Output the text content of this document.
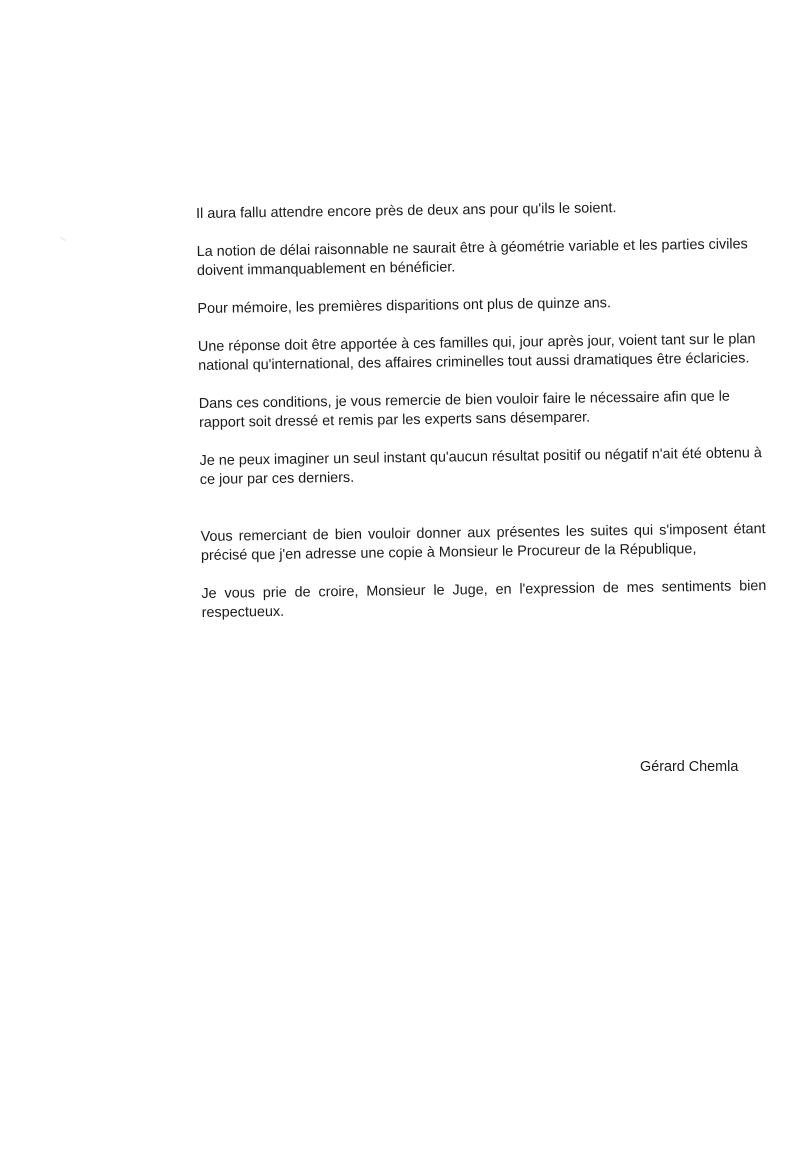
Il aura fallu attendre encore près de deux ans pour qu'ils le soient.

La notion de délai raisonnable ne saurait être à géométrie variable et les parties civiles doivent immanquablement en bénéficier.

Pour mémoire, les premières disparitions ont plus de quinze ans.

Une réponse doit être apportée à ces familles qui, jour après jour, voient tant sur le plan national qu'international, des affaires criminelles tout aussi dramatiques être éclaricies.

Dans ces conditions, je vous remercie de bien vouloir faire le nécessaire afin que le rapport soit dressé et remis par les experts sans désemparer.

Je ne peux imaginer un seul instant qu'aucun résultat positif ou négatif n'ait été obtenu à ce jour par ces derniers.

Vous remerciant de bien vouloir donner aux présentes les suites qui s'imposent étant précisé que j'en adresse une copie à Monsieur le Procureur de la République,

Je vous prie de croire, Monsieur le Juge, en l'expression de mes sentiments bien respectueux.

Gérard Chemla
